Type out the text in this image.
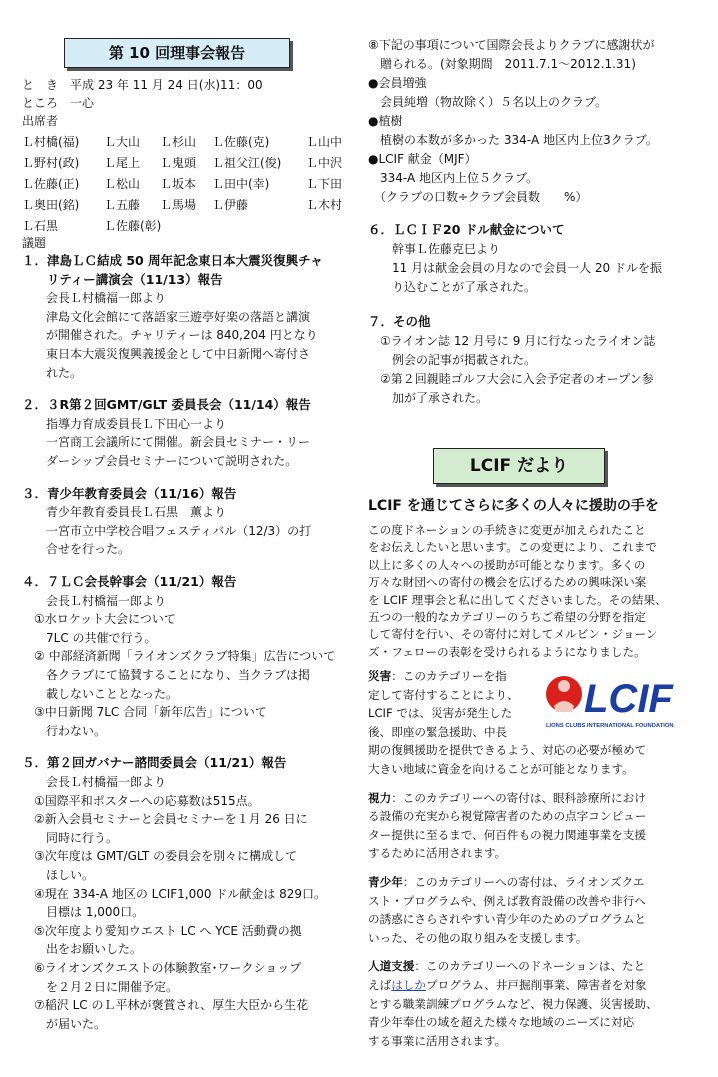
第 10 回理事会報告
と　き　平成 23 年 11 月 24 日(水)11：00
ところ　一心
出席者
Ｌ村橋(福) Ｌ大山 Ｌ杉山 Ｌ佐藤(克)	Ｌ山中
Ｌ野村(政) Ｌ尾上 Ｌ鬼頭 Ｌ祖父江(俊) Ｌ中沢
Ｌ佐藤(正) Ｌ松山 Ｌ坂本 Ｌ田中(幸)	Ｌ下田
Ｌ奥田(銘) Ｌ五藤 Ｌ馬場 Ｌ伊藤	Ｌ木村
Ｌ石黒	Ｌ佐藤(彰)
議題
１．津島ＬＣ結成 50 周年記念東日本大震災復興チャ
　　リティー講演会（11/13）報告
　　会長Ｌ村橋福一郎より
　　津島文化会館にて落語家三遊亭好楽の落語と講演
　　が開催された。チャリティーは 840,204 円となり
　　東日本大震災復興義援金として中日新聞へ寄付さ
　　れた。
２．３R第２回GMT/GLT 委員長会（11/14）報告
　　指導力育成委員長Ｌ下田心一より
　　一宮商工会議所にて開催。新会員セミナー・リー
　　ダーシップ会員セミナーについて説明された。
３．青少年教育委員会（11/16）報告
　　青少年教育委員長Ｌ石黒　薫より
　　一宮市立中学校合唱フェスティバル（12/3）の打
　　合せを行った。
４．７ＬＣ会長幹事会（11/21）報告
　　会長Ｌ村橋福一郎より
　①水ロケット大会について
　　7LC の共催で行う。
　② 中部経済新聞「ライオンズクラブ特集」広告について
　　各クラブにて協賛することになり、当クラブは掲
　　載しないこととなった。
　③中日新聞 7LC 合同「新年広告」について
　　行わない。
５．第２回ガバナー諮問委員会（11/21）報告
　　会長Ｌ村橋福一郎より
　①国際平和ポスターへの応募数は515点。
　②新入会員セミナーと会員セミナーを１月 26 日に
　　同時に行う。
　③次年度は GMT/GLT の委員会を別々に構成して
　　ほしい。
　④現在 334-A 地区の LCIF1,000 ドル献金は 829口。
　　目標は 1,000口。
　⑤次年度より愛知ウエスト LC へ YCE 活動費の拠
　　出をお願いした。
　⑥ライオンズクエストの体験教室･ワークショップ
　　を２月２日に開催予定。
　⑦稲沢 LC のＬ平林が褒賞され、厚生大臣から生花
　　が届いた。
⑧下記の事項について国際会長よりクラブに感謝状が
　贈られる。(対象期間　2011.7.1～2012.1.31)
●会員増強
　会員純増（物故除く）５名以上のクラブ。
●植樹
　植樹の本数が多かった 334-A 地区内上位3クラブ。
●LCIF 献金（MJF）
　334-A 地区内上位５クラブ。
　（クラブの口数÷クラブ会員数　　%）
６．ＬＣＩＦ20 ドル献金について
　　幹事Ｌ佐藤克巳より
　　11 月は献金会員の月なので会員一人 20 ドルを振
　　り込むことが了承された。
７．その他
　①ライオン誌 12 月号に 9 月に行なったライオン誌
　　例会の記事が掲載された。
　②第２回親睦ゴルフ大会に入会予定者のオープン参
　　加が了承された。
LCIF だより
LCIF を通じてさらに多くの人々に援助の手を
この度ドネーションの手続きに変更が加えられたこと
をお伝えしたいと思います。この変更により、これまで
以上に多くの人々への援助が可能となります。多くの
万々な財団への寄付の機会を広げるための興味深い案
を LCIF 理事会と私に出してくださいました。その結果、
五つの一般的なカテゴリーのうちご希望の分野を指定
して寄付を行い、その寄付に対してメルビン・ジョーン
ズ・フェローの表彰を受けられるようになりました。
災害：このカテゴリーを指
定して寄付することにより、
LCIF では、災害が発生した
後、即座の緊急援助、中長
期の復興援助を提供できるよう、対応の必要が極めて
大きい地域に資金を向けることが可能となります。
視力：このカテゴリーへの寄付は、眼科診療所におけ
る設備の充実から視覚障害者のための点字コンピュー
ター提供に至るまで、何百件もの視力関連事業を支援
するために活用されます。
青少年：このカテゴリーへの寄付は、ライオンズクエ
スト・プログラムや、例えば教育設備の改善や非行へ
の誘惑にさらされやすい青少年のためのプログラムと
いった、その他の取り組みを支援します。
人道支援：このカテゴリーへのドネーションは、たと
えばはしかプログラム、井戸掘削事業、障害者を対象
とする職業訓練プログラムなど、視力保護、災害援助、
青少年奉仕の域を超えた様々な地域のニーズに対応
する事業に活用されます。
LCIF
LIONS CLUBS INTERNATIONAL FOUNDATION
